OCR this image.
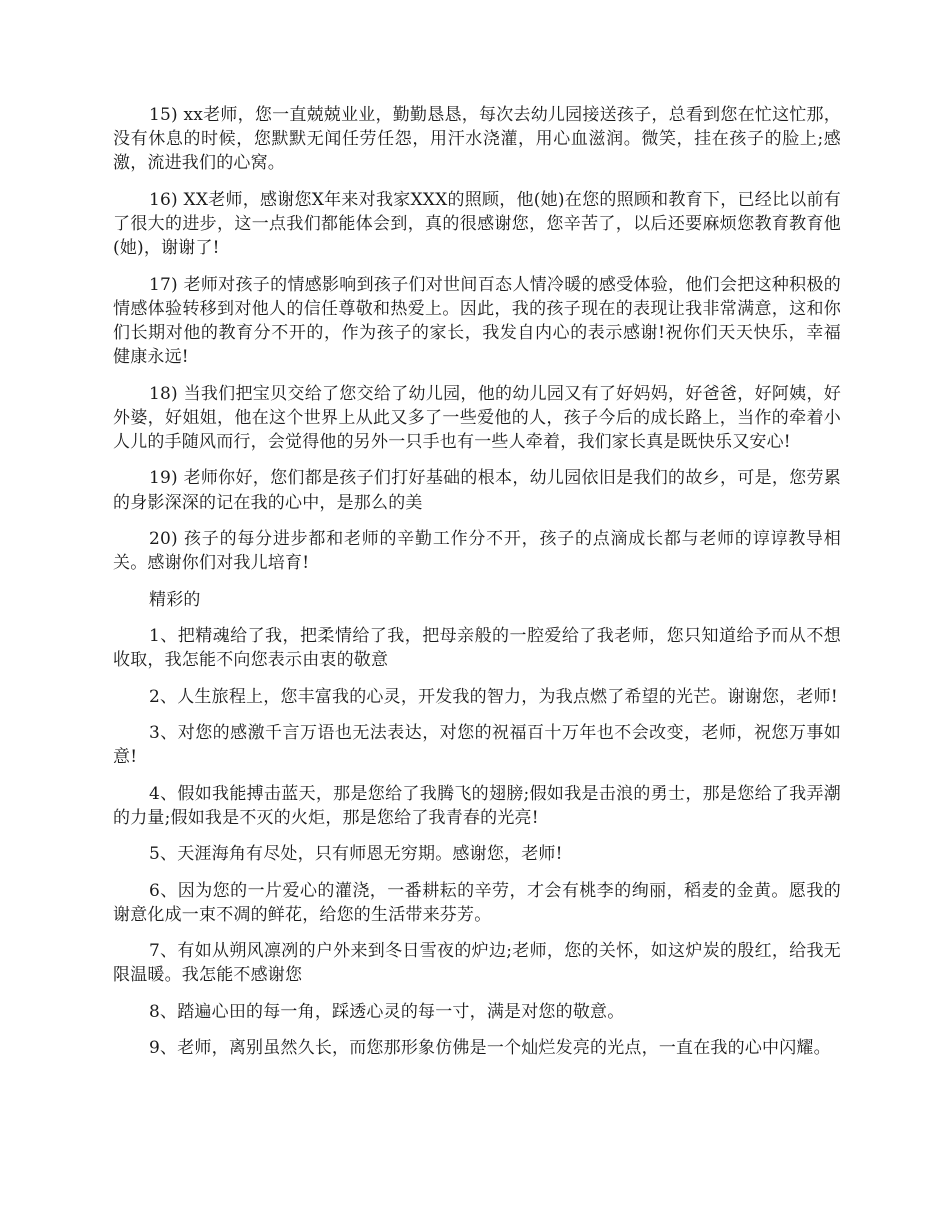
15) xx老师，您一直兢兢业业，勤勤恳恳，每次去幼儿园接送孩子，总看到您在忙这忙那，没有休息的时候，您默默无闻任劳任怨，用汗水浇灌，用心血滋润。微笑，挂在孩子的脸上;感激，流进我们的心窝。

16) XX老师，感谢您X年来对我家XXX的照顾，他(她)在您的照顾和教育下，已经比以前有了很大的进步，这一点我们都能体会到，真的很感谢您，您辛苦了，以后还要麻烦您教育教育他(她)，谢谢了!

17) 老师对孩子的情感影响到孩子们对世间百态人情冷暖的感受体验，他们会把这种积极的情感体验转移到对他人的信任尊敬和热爱上。因此，我的孩子现在的表现让我非常满意，这和你们长期对他的教育分不开的，作为孩子的家长，我发自内心的表示感谢!祝你们天天快乐，幸福健康永远!

18) 当我们把宝贝交给了您交给了幼儿园，他的幼儿园又有了好妈妈，好爸爸，好阿姨，好外婆，好姐姐，他在这个世界上从此又多了一些爱他的人，孩子今后的成长路上，当作的牵着小人儿的手随风而行，会觉得他的另外一只手也有一些人牵着，我们家长真是既快乐又安心!

19) 老师你好，您们都是孩子们打好基础的根本，幼儿园依旧是我们的故乡，可是，您劳累的身影深深的记在我的心中，是那么的美

20) 孩子的每分进步都和老师的辛勤工作分不开，孩子的点滴成长都与老师的谆谆教导相关。感谢你们对我儿培育!

精彩的

1、把精魂给了我，把柔情给了我，把母亲般的一腔爱给了我老师，您只知道给予而从不想收取，我怎能不向您表示由衷的敬意

2、人生旅程上，您丰富我的心灵，开发我的智力，为我点燃了希望的光芒。谢谢您，老师!

3、对您的感激千言万语也无法表达，对您的祝福百十万年也不会改变，老师，祝您万事如意!

4、假如我能搏击蓝天，那是您给了我腾飞的翅膀;假如我是击浪的勇士，那是您给了我弄潮的力量;假如我是不灭的火炬，那是您给了我青春的光亮!

5、天涯海角有尽处，只有师恩无穷期。感谢您，老师!

6、因为您的一片爱心的灌浇，一番耕耘的辛劳，才会有桃李的绚丽，稻麦的金黄。愿我的谢意化成一束不凋的鲜花，给您的生活带来芬芳。

7、有如从朔风凛冽的户外来到冬日雪夜的炉边;老师，您的关怀，如这炉炭的殷红，给我无限温暖。我怎能不感谢您

8、踏遍心田的每一角，踩透心灵的每一寸，满是对您的敬意。

9、老师，离别虽然久长，而您那形象仿佛是一个灿烂发亮的光点，一直在我的心中闪耀。
